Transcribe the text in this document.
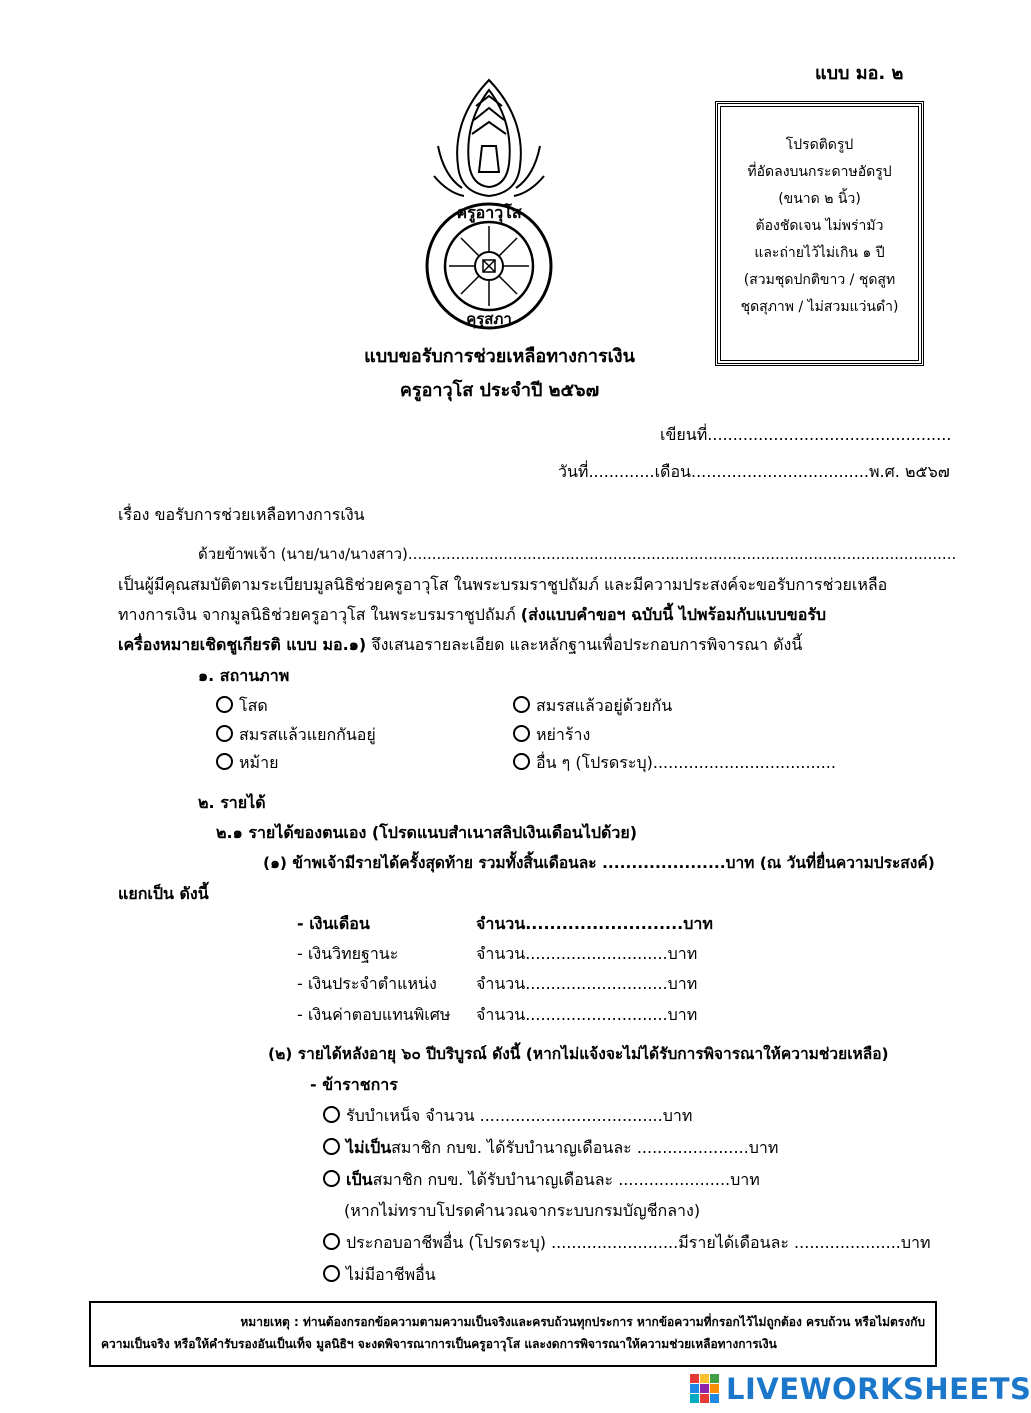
แบบ มอ. ๒
ครูอาวุโส
คุรุสภา
โปรดติดรูป
ที่อัดลงบนกระดาษอัดรูป
(ขนาด ๒ นิ้ว)
ต้องชัดเจน ไม่พร่ามัว
และถ่ายไว้ไม่เกิน ๑ ปี
(สวมชุดปกติขาว / ชุดสูท
ชุดสุภาพ / ไม่สวมแว่นดำ)
แบบขอรับการช่วยเหลือทางการเงิน
ครูอาวุโส ประจำปี ๒๕๖๗
เขียนที่................................................
วันที่.............เดือน...................................พ.ศ. ๒๕๖๗
เรื่อง ขอรับการช่วยเหลือทางการเงิน
ด้วยข้าพเจ้า (นาย/นาง/นางสาว)...................................................................................................................
เป็นผู้มีคุณสมบัติตามระเบียบมูลนิธิช่วยครูอาวุโส ในพระบรมราชูปถัมภ์ และมีความประสงค์จะขอรับการช่วยเหลือ
ทางการเงิน จากมูลนิธิช่วยครูอาวุโส ในพระบรมราชูปถัมภ์ (ส่งแบบคำขอฯ ฉบับนี้ ไปพร้อมกับแบบขอรับ
เครื่องหมายเชิดชูเกียรติ แบบ มอ.๑) จึงเสนอรายละเอียด และหลักฐานเพื่อประกอบการพิจารณา ดังนี้
๑. สถานภาพ
โสด
สมรสแล้วแยกกันอยู่
หม้าย
สมรสแล้วอยู่ด้วยกัน
หย่าร้าง
อื่น ๆ (โปรดระบุ)....................................
๒. รายได้
๒.๑ รายได้ของตนเอง (โปรดแนบสำเนาสลิปเงินเดือนไปด้วย)
(๑) ข้าพเจ้ามีรายได้ครั้งสุดท้าย รวมทั้งสิ้นเดือนละ .....................บาท (ณ วันที่ยื่นความประสงค์)
แยกเป็น ดังนี้
- เงินเดือน	จำนวน..........................บาท
- เงินวิทยฐานะ	จำนวน............................บาท
- เงินประจำตำแหน่ง จำนวน............................บาท
- เงินค่าตอบแทนพิเศษ จำนวน............................บาท
(๒) รายได้หลังอายุ ๖๐ ปีบริบูรณ์ ดังนี้ (หากไม่แจ้งจะไม่ได้รับการพิจารณาให้ความช่วยเหลือ)
- ข้าราชการ
รับบำเหน็จ จำนวน ....................................บาท
ไม่เป็นสมาชิก กบข. ได้รับบำนาญเดือนละ ......................บาท
เป็นสมาชิก กบข. ได้รับบำนาญเดือนละ ......................บาท
(หากไม่ทราบโปรดคำนวณจากระบบกรมบัญชีกลาง)
ประกอบอาชีพอื่น (โปรดระบุ) .........................มีรายได้เดือนละ .....................บาท
ไม่มีอาชีพอื่น
หมายเหตุ : ท่านต้องกรอกข้อความตามความเป็นจริงและครบถ้วนทุกประการ หากข้อความที่กรอกไว้ไม่ถูกต้อง ครบถ้วน หรือไม่ตรงกับ
ความเป็นจริง หรือให้คำรับรองอันเป็นเท็จ มูลนิธิฯ จะงดพิจารณาการเป็นครูอาวุโส และงดการพิจารณาให้ความช่วยเหลือทางการเงิน
LIVEWORKSHEETS
